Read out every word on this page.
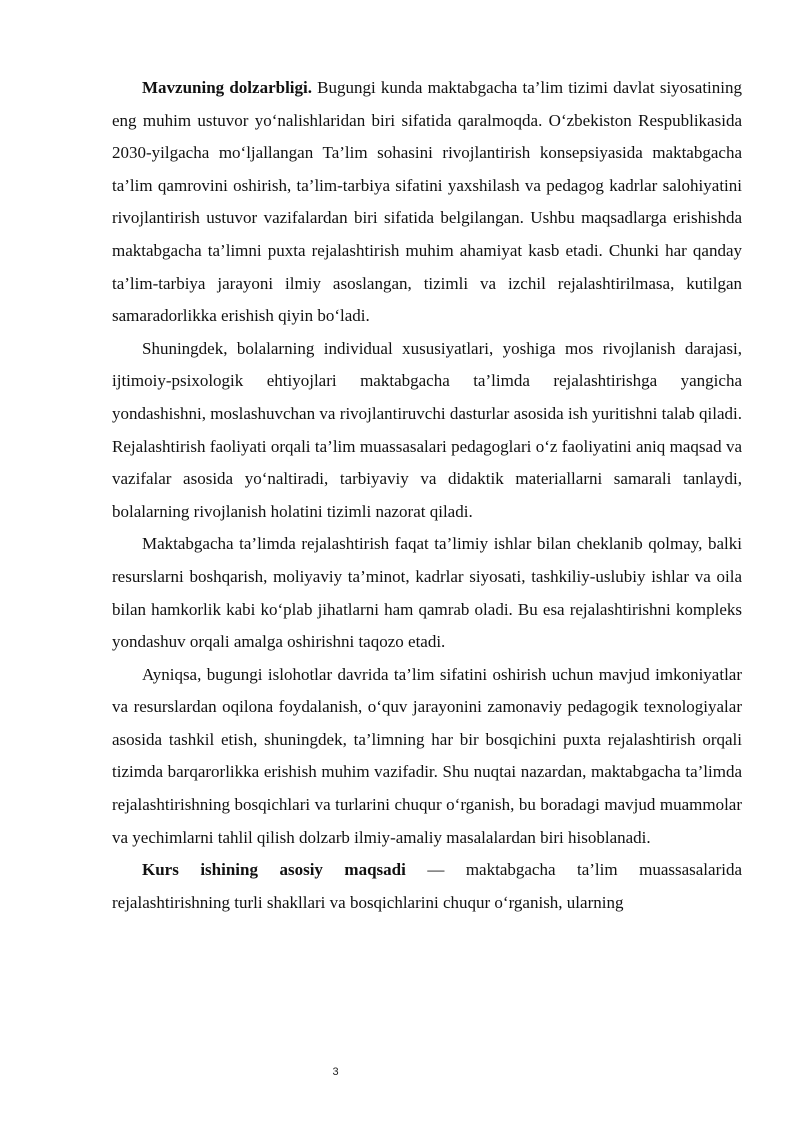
Mavzuning dolzarbligi. Bugungi kunda maktabgacha ta’lim tizimi davlat siyosatining eng muhim ustuvor yo‘nalishlaridan biri sifatida qaralmoqda. O‘zbekiston Respublikasida 2030-yilgacha mo‘ljallangan Ta’lim sohasini rivojlantirish konsepsiyasida maktabgacha ta’lim qamrovini oshirish, ta’lim-tarbiya sifatini yaxshilash va pedagog kadrlar salohiyatini rivojlantirish ustuvor vazifalardan biri sifatida belgilangan. Ushbu maqsadlarga erishishda maktabgacha ta’limni puxta rejalashtirish muhim ahamiyat kasb etadi. Chunki har qanday ta’lim-tarbiya jarayoni ilmiy asoslangan, tizimli va izchil rejalashtirilmasa, kutilgan samaradorlikka erishish qiyin bo‘ladi.

Shuningdek, bolalarning individual xususiyatlari, yoshiga mos rivojlanish darajasi, ijtimoiy-psixologik ehtiyojlari maktabgacha ta’limda rejalashtirishga yangicha yondashishni, moslashuvchan va rivojlantiruvchi dasturlar asosida ish yuritishni talab qiladi. Rejalashtirish faoliyati orqali ta’lim muassasalari pedagoglari o‘z faoliyatini aniq maqsad va vazifalar asosida yo‘naltiradi, tarbiyaviy va didaktik materiallarni samarali tanlaydi, bolalarning rivojlanish holatini tizimli nazorat qiladi.

Maktabgacha ta’limda rejalashtirish faqat ta’limiy ishlar bilan cheklanib qolmay, balki resurslarni boshqarish, moliyaviy ta’minot, kadrlar siyosati, tashkiliy-uslubiy ishlar va oila bilan hamkorlik kabi ko‘plab jihatlarni ham qamrab oladi. Bu esa rejalashtirishni kompleks yondashuv orqali amalga oshirishni taqozo etadi.

Ayniqsa, bugungi islohotlar davrida ta’lim sifatini oshirish uchun mavjud imkoniyatlar va resurslardan oqilona foydalanish, o‘quv jarayonini zamonaviy pedagogik texnologiyalar asosida tashkil etish, shuningdek, ta’limning har bir bosqichini puxta rejalashtirish orqali tizimda barqarorlikka erishish muhim vazifadir. Shu nuqtai nazardan, maktabgacha ta’limda rejalashtirishning bosqichlari va turlarini chuqur o‘rganish, bu boradagi mavjud muammolar va yechimlarni tahlil qilish dolzarb ilmiy-amaliy masalalardan biri hisoblanadi.

Kurs ishining asosiy maqsadi — maktabgacha ta’lim muassasalarida rejalashtirishning turli shakllari va bosqichlarini chuqur o‘rganish, ularning

3
